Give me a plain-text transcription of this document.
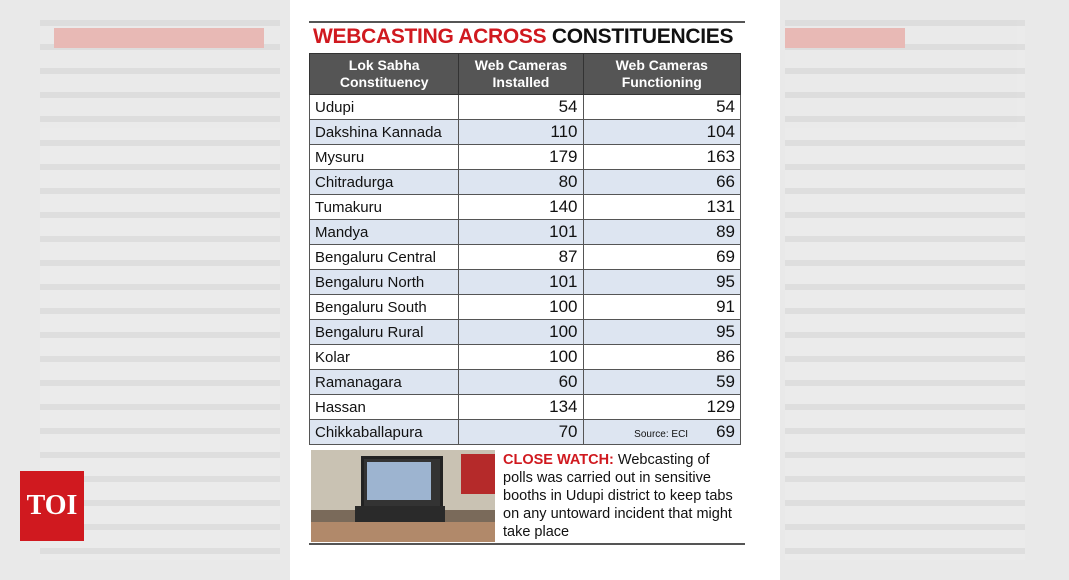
TOI
WEBCASTING ACROSS CONSTITUENCIES
Lok Sabha Constituency	Web Cameras Installed	Web Cameras Functioning
Udupi	54	54
Dakshina Kannada	110	104
Mysuru	179	163
Chitradurga	80	66
Tumakuru	140	131
Mandya	101	89
Bengaluru Central	87	69
Bengaluru North	101	95
Bengaluru South	100	91
Bengaluru Rural	100	95
Kolar	100	86
Ramanagara	60	59
Hassan	134	129
Chikkaballapura	70	Source: ECI 69
CLOSE WATCH: Webcasting of polls was carried out in sensitive booths in Udupi district to keep tabs on any untoward incident that might take place
